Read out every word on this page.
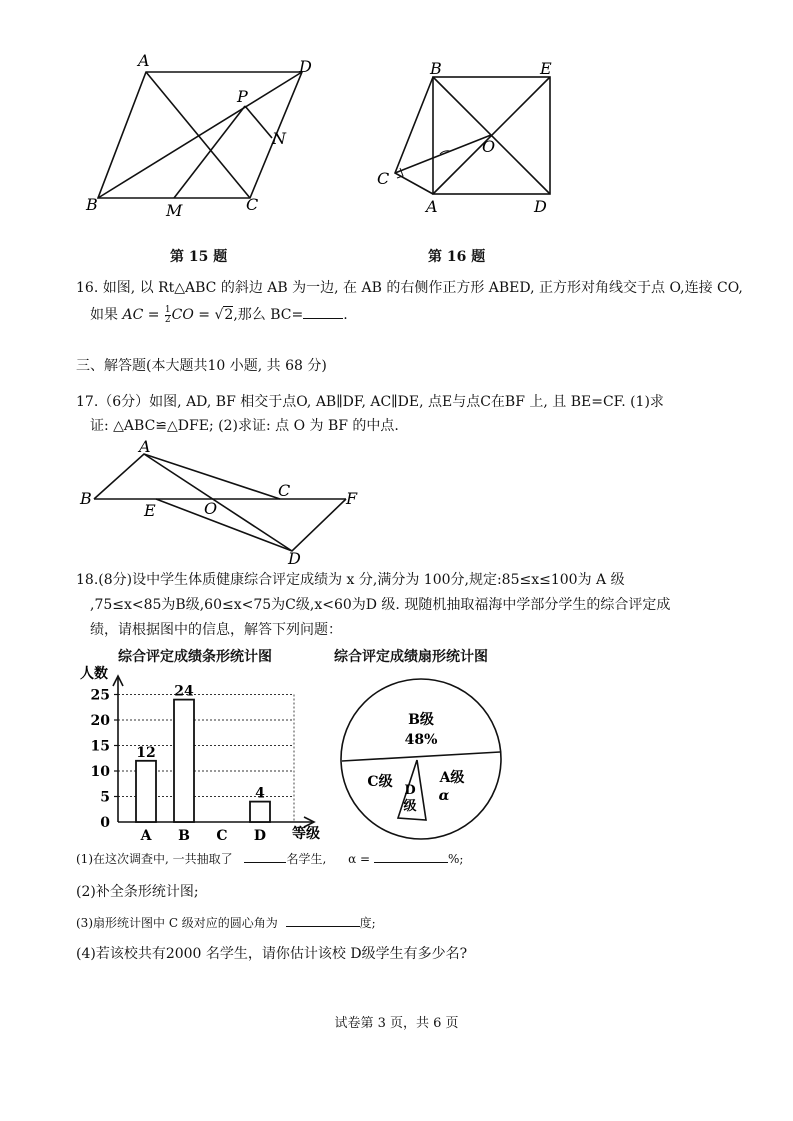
A	D
P
N
B	M	C
第 15 题
B	E
O
C
A	D
第 16 题
16. 如图, 以 Rt△ABC 的斜边 AB 为一边, 在 AB 的右侧作正方形 ABED, 正方形对角线交于点 O,连接 CO,
如果 AC = $\frac{1}{2}$ CO = √2,那么 BC=	.
三、解答题(本大题共10 小题, 共 68 分)
17.（6分）如图, AD, BF 相交于点O, AB∥DF, AC∥DE, 点E与点C在BF 上, 且 BE=CF. (1)求
证: △ABC≌△DFE; (2)求证: 点 O 为 BF 的中点.
A
B	C
E	O
F
D
18.(8分)设中学生体质健康综合评定成绩为 x 分,满分为 100分,规定:85≤x≤100为 A 级
,75≤x<85为B级,60≤x<75为C级,x<60为D 级. 现随机抽取福海中学部分学生的综合评定成
绩，请根据图中的信息，解答下列问题：
综合评定成绩条形统计图
人数
等级
0
5
10
15
20
25
A B C D
12
24
4
综合评定成绩扇形统计图
B级
48%
C级
D
级
A级
α
(1)在这次调查中, 一共抽取了	名学生, α =	%;
(2)补全条形统计图;
(3)扇形统计图中 C 级对应的圆心角为	度;
(4)若该校共有2000 名学生，请你估计该校 D级学生有多少名?
试卷第 3 页，共 6 页
